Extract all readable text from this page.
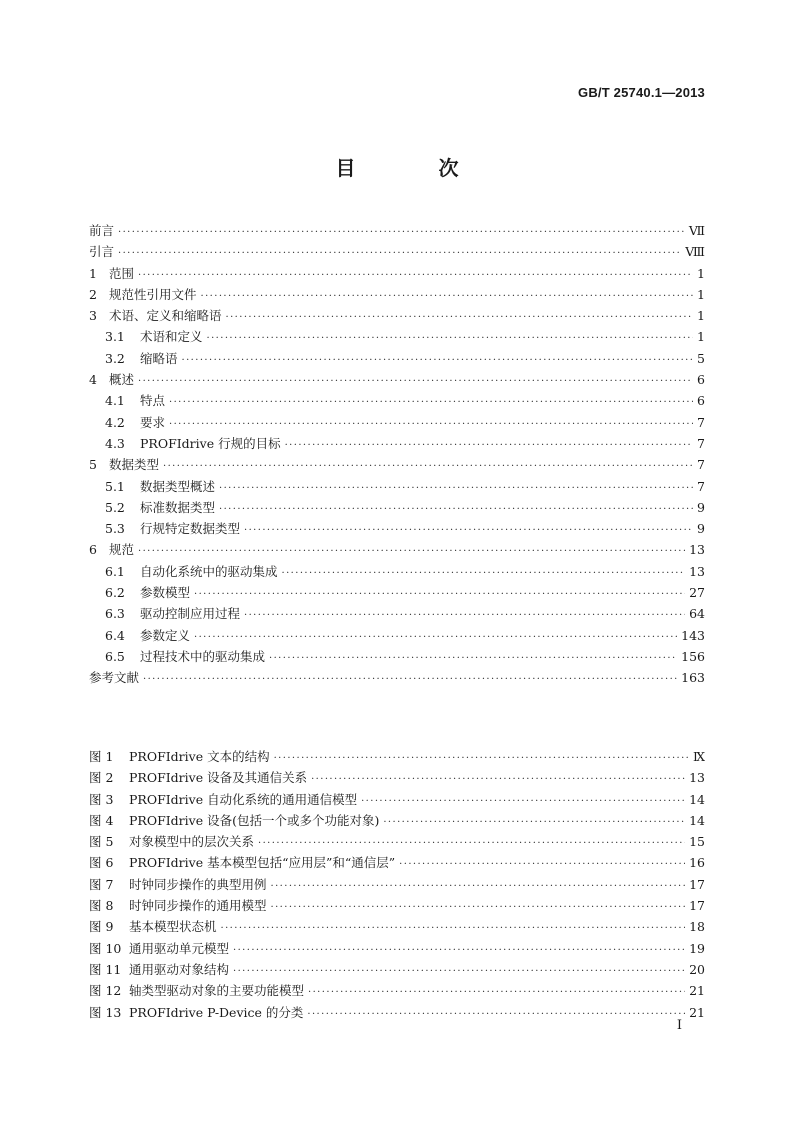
GB/T 25740.1—2013
目 次
前言 ·····	Ⅶ
引言 ·····	Ⅷ
1 范围 ·····	1
2 规范性引用文件 ·····	1
3 术语、定义和缩略语 ·····	1
3.1 术语和定义 ·····	1
3.2 缩略语 ·····	5
4 概述 ·····	6
4.1 特点 ·····	6
4.2 要求 ·····	7
4.3 PROFIdrive 行规的目标 ·····	7
5 数据类型 ·····	7
5.1 数据类型概述 ·····	7
5.2 标准数据类型 ·····	9
5.3 行规特定数据类型 ·····	9
6 规范 ·····	13
6.1 自动化系统中的驱动集成 ·····	13
6.2 参数模型 ·····	27
6.3 驱动控制应用过程 ·····	64
6.4 参数定义 ·····	143
6.5 过程技术中的驱动集成 ·····	156
参考文献 ·····	163
图 1 PROFIdrive 文本的结构 ·····	Ⅸ
图 2 PROFIdrive 设备及其通信关系 ·····	13
图 3 PROFIdrive 自动化系统的通用通信模型 ·····	14
图 4 PROFIdrive 设备(包括一个或多个功能对象) ·····	14
图 5 对象模型中的层次关系 ·····	15
图 6 PROFIdrive 基本模型包括“应用层”和“通信层” ·····	16
图 7 时钟同步操作的典型用例 ·····	17
图 8 时钟同步操作的通用模型 ·····	17
图 9 基本模型状态机 ·····	18
图 10 通用驱动单元模型 ·····	19
图 11 通用驱动对象结构 ·····	20
图 12 轴类型驱动对象的主要功能模型 ·····	21
图 13 PROFIdrive P-Device 的分类 ·····	21
I
